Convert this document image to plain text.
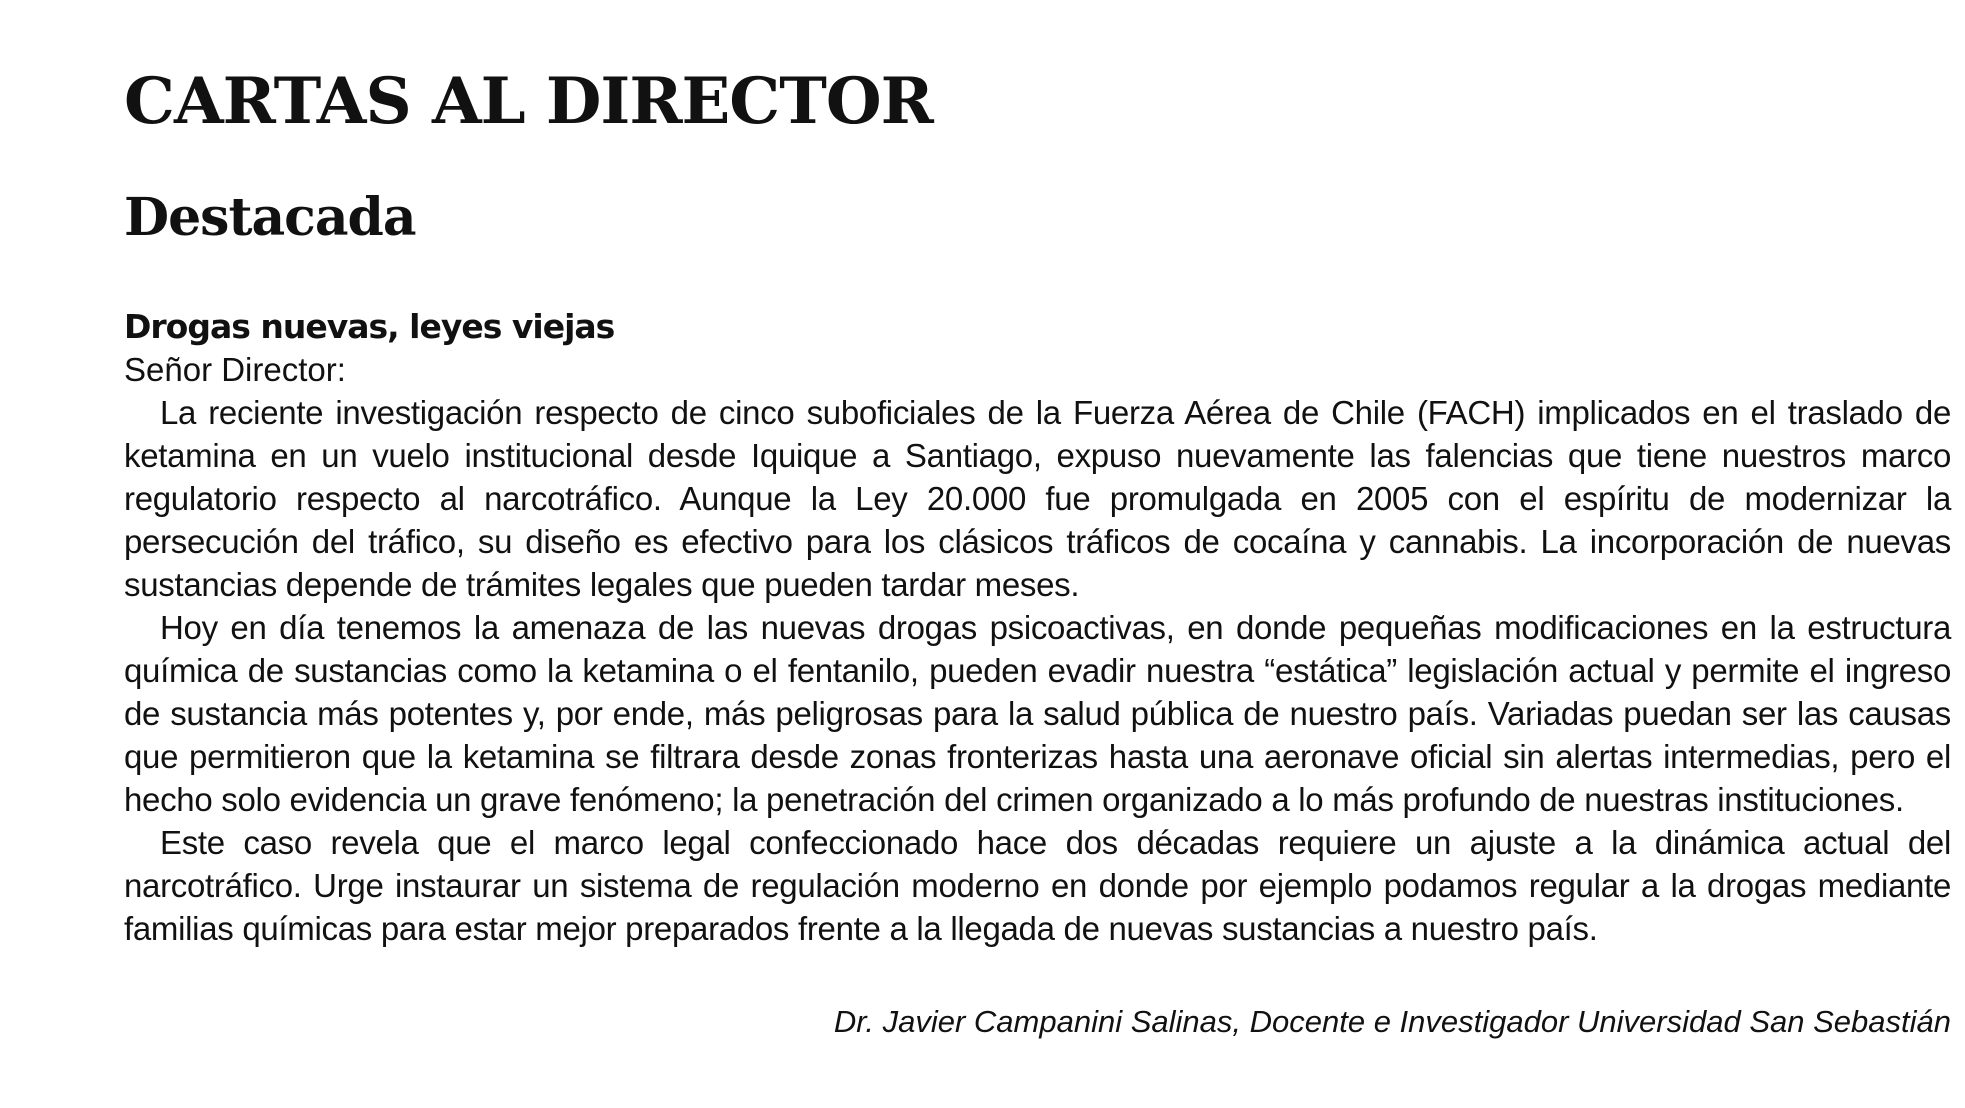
CARTAS AL DIRECTOR
Destacada
Drogas nuevas, leyes viejas

Señor Director:

La reciente investigación respecto de cinco suboficiales de la Fuerza Aérea de Chile (FACH) implicados en el traslado de ketamina en un vuelo institucional desde Iquique a Santiago, expuso nuevamente las falencias que tiene nuestros marco regulatorio respecto al narcotráfico. Aunque la Ley 20.000 fue promulgada en 2005 con el espíritu de modernizar la persecución del tráfico, su diseño es efectivo para los clásicos tráficos de cocaína y cannabis. La incorporación de nuevas sustancias depende de trámites legales que pueden tardar meses.

Hoy en día tenemos la amenaza de las nuevas drogas psicoactivas, en donde pequeñas modificaciones en la estructura química de sustancias como la ketamina o el fentanilo, pueden evadir nuestra “estática” legislación actual y permite el ingreso de sustancia más potentes y, por ende, más peligrosas para la salud pública de nuestro país. Variadas puedan ser las causas que permitieron que la ketamina se filtrara desde zonas fronterizas hasta una aeronave oficial sin alertas intermedias, pero el hecho solo evidencia un grave fenómeno; la penetración del crimen organizado a lo más profundo de nuestras instituciones.

Este caso revela que el marco legal confeccionado hace dos décadas requiere un ajuste a la dinámica actual del narcotráfico. Urge instaurar un sistema de regulación moderno en donde por ejemplo podamos regular a la drogas mediante familias químicas para estar mejor preparados frente a la llegada de nuevas sustancias a nuestro país.

Dr. Javier Campanini Salinas, Docente e Investigador Universidad San Sebastián
